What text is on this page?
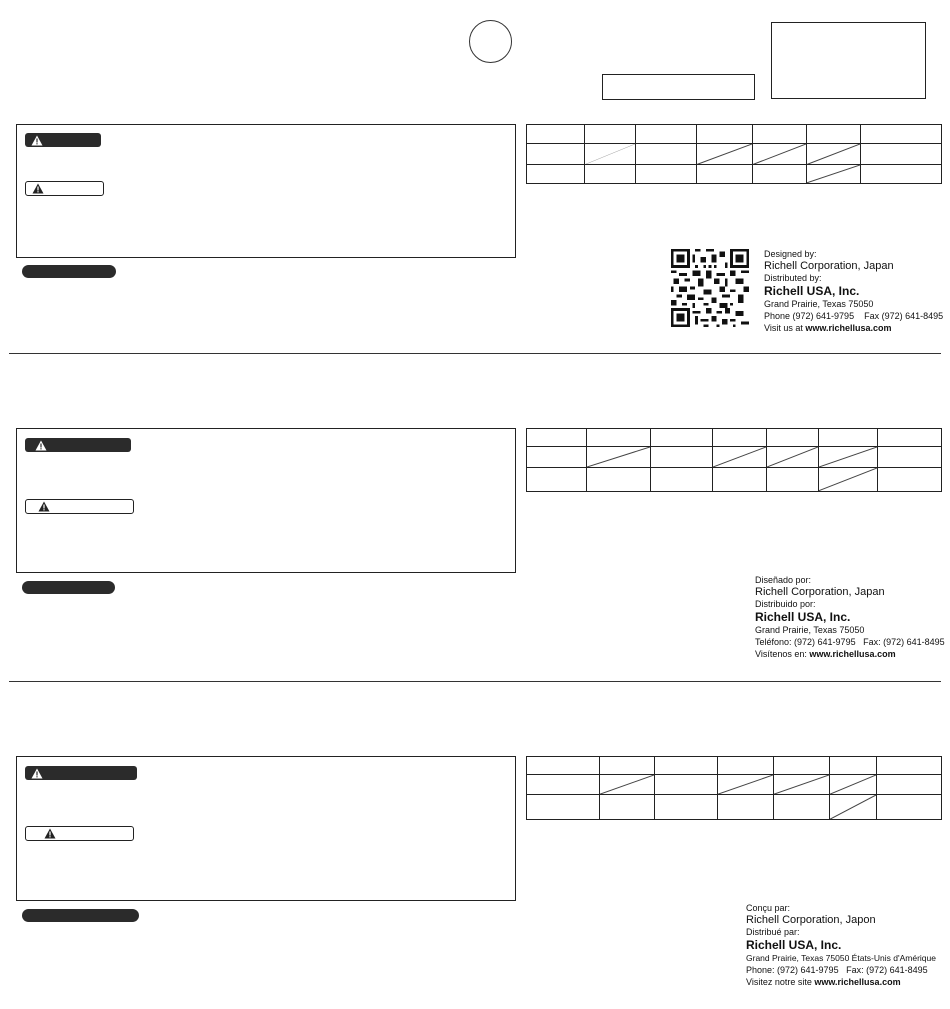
Designed by:
Richell Corporation, Japan
Distributed by:
Richell USA, Inc.
Grand Prairie, Texas 75050
Phone (972) 641-9795    Fax (972) 641-8495
Visit us at www.richellusa.com

Diseñado por:
Richell Corporation, Japan
Distribuido por:
Richell USA, Inc.
Grand Prairie, Texas 75050
Teléfono: (972) 641-9795   Fax: (972) 641-8495
Visítenos en: www.richellusa.com

Conçu par:
Richell Corporation, Japon
Distribué par:
Richell USA, Inc.
Grand Prairie, Texas 75050 États-Unis d'Amérique
Phone: (972) 641-9795   Fax: (972) 641-8495
Visitez notre site www.richellusa.com
